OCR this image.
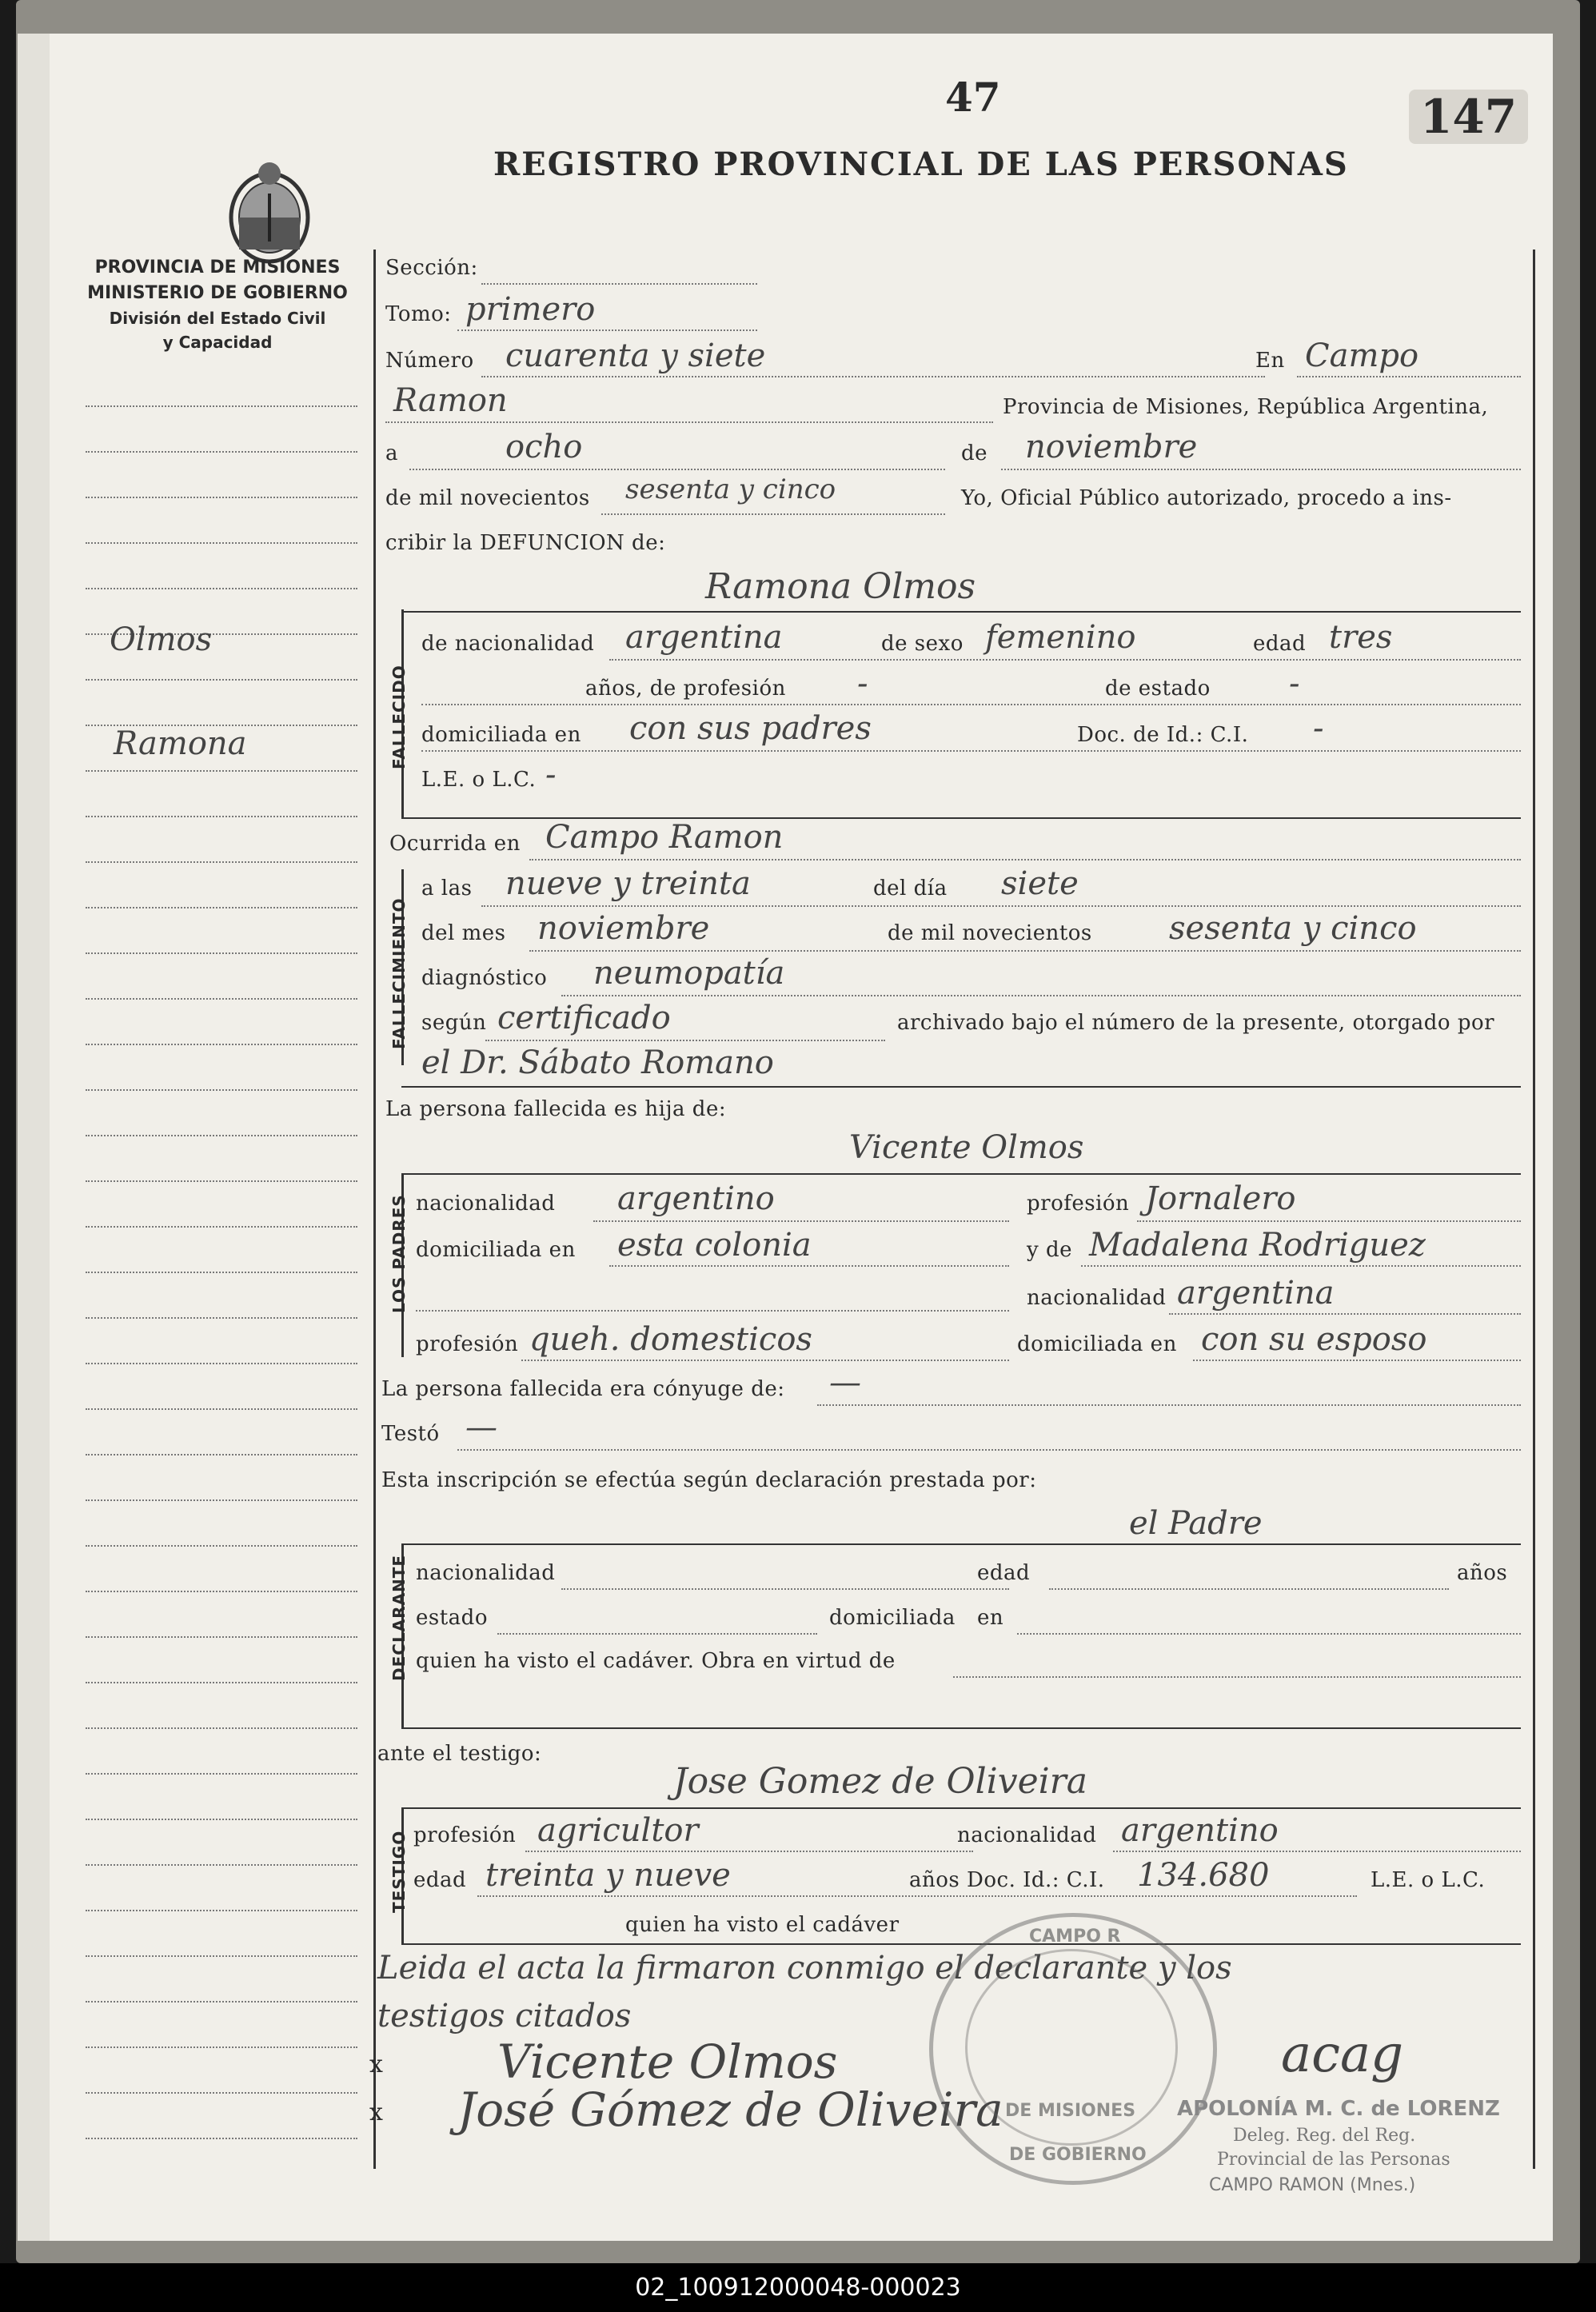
47	147
REGISTRO PROVINCIAL DE LAS PERSONAS
PROVINCIA DE MISIONES
MINISTERIO DE GOBIERNO
División del Estado Civil
y Capacidad
Olmos
Ramona
Sección:
Tomo: primero
Número cuarenta y siete	En Campo
Ramon	Provincia de Misiones, República Argentina,
a	ocho	de noviembre
de mil novecientos sesenta y cinco	Yo, Oficial Público autorizado, procedo a ins-
cribir la DEFUNCION de:
FALLECIDO
Ramona Olmos
de nacionalidad argentina	de sexo femenino	edad tres
años, de profesión -	de estado -
domiciliada en con sus padres	Doc. de Id.: C.I. -
L.E. o L.C. -
Ocurrida en Campo Ramon
FALLECIMIENTO
a las nueve y treinta	del día siete
del mes noviembre	de mil novecientos sesenta y cinco
diagnóstico neumopatía
según certificado	archivado bajo el número de la presente, otorgado por
el Dr. Sábato Romano
La persona fallecida es hija de:
LOS PADRES
Vicente Olmos
nacionalidad argentino	profesión Jornalero
domiciliada en esta colonia	y de Madalena Rodriguez
nacionalidad argentina
profesión queh. domesticos	domiciliada en con su esposo
La persona fallecida era cónyuge de: —
Testó —
Esta inscripción se efectúa según declaración prestada por:
DECLARANTE
el Padre
nacionalidad	edad	años
estado	domiciliada en
quien ha visto el cadáver. Obra en virtud de
ante el testigo:
TESTIGO
Jose Gomez de Oliveira
profesión agricultor	nacionalidad argentino
edad treinta y nueve	años Doc. Id.: C.I. 134.680	L.E. o L.C.
quien ha visto el cadáver
Leida el acta la firmaron conmigo el declarante y los
testigos citados
x Vicente Olmos
x José Gómez de Oliveira
CAMPO R
DE MISIONES
DE GOBIERNO
acag
APOLONÍA M. C. de LORENZ
Deleg. Reg. del Reg.
Provincial de las Personas
CAMPO RAMON (Mnes.)
02_100912000048-000023
